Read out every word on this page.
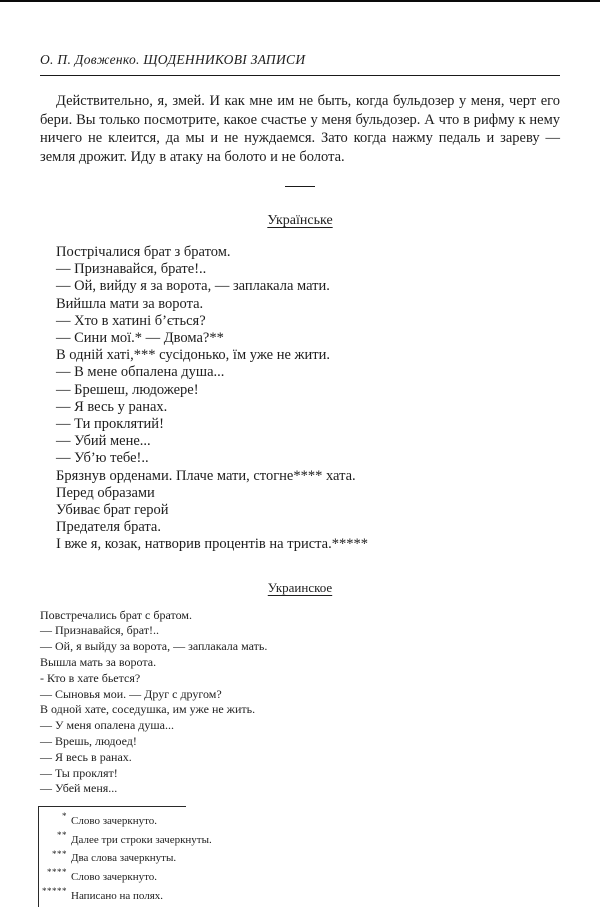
О. П. Довженко. ЩОДЕННИКОВІ ЗАПИСИ

Действительно, я, змей. И как мне им не быть, когда бульдозер у меня, черт его бери. Вы только посмотрите, какое счастье у меня бульдозер. А что в рифму к нему ничего не клеится, да мы и не нуждаемся. Зато когда нажму педаль и зареву — земля дрожит. Иду в атаку на болото и не болота.

Українське
Пострічалися брат з братом.
— Признавайся, брате!..
— Ой, вийду я за ворота, — заплакала мати.
Вийшла мати за ворота.
— Хто в хатині б’ється?
— Сини мої.* — Двома?**
В одній хаті,*** сусідонько, їм уже не жити.
— В мене обпалена душа...
— Брешеш, людожере!
— Я весь у ранах.
— Ти проклятий!
— Убий мене...
— Уб’ю тебе!..
Брязнув орденами. Плаче мати, стогне**** хата.
Перед образами
Убиває брат герой
Предателя брата.
І вже я, козак, натворив процентів на триста.*****
Украинское
Повстречались брат с братом.
— Признавайся, брат!..
— Ой, я выйду за ворота, — заплакала мать.
Вышла мать за ворота.
- Кто в хате бьется?
— Сыновья мои. — Друг с другом?
В одной хате, соседушка, им уже не жить.
— У меня опалена душа...
— Врешь, людоед!
— Я весь в ранах.
— Ты проклят!
— Убей меня...
* Слово зачеркнуто.
** Далее три строки зачеркнуты.
*** Два слова зачеркнуты.
**** Слово зачеркнуто.
***** Написано на полях.
